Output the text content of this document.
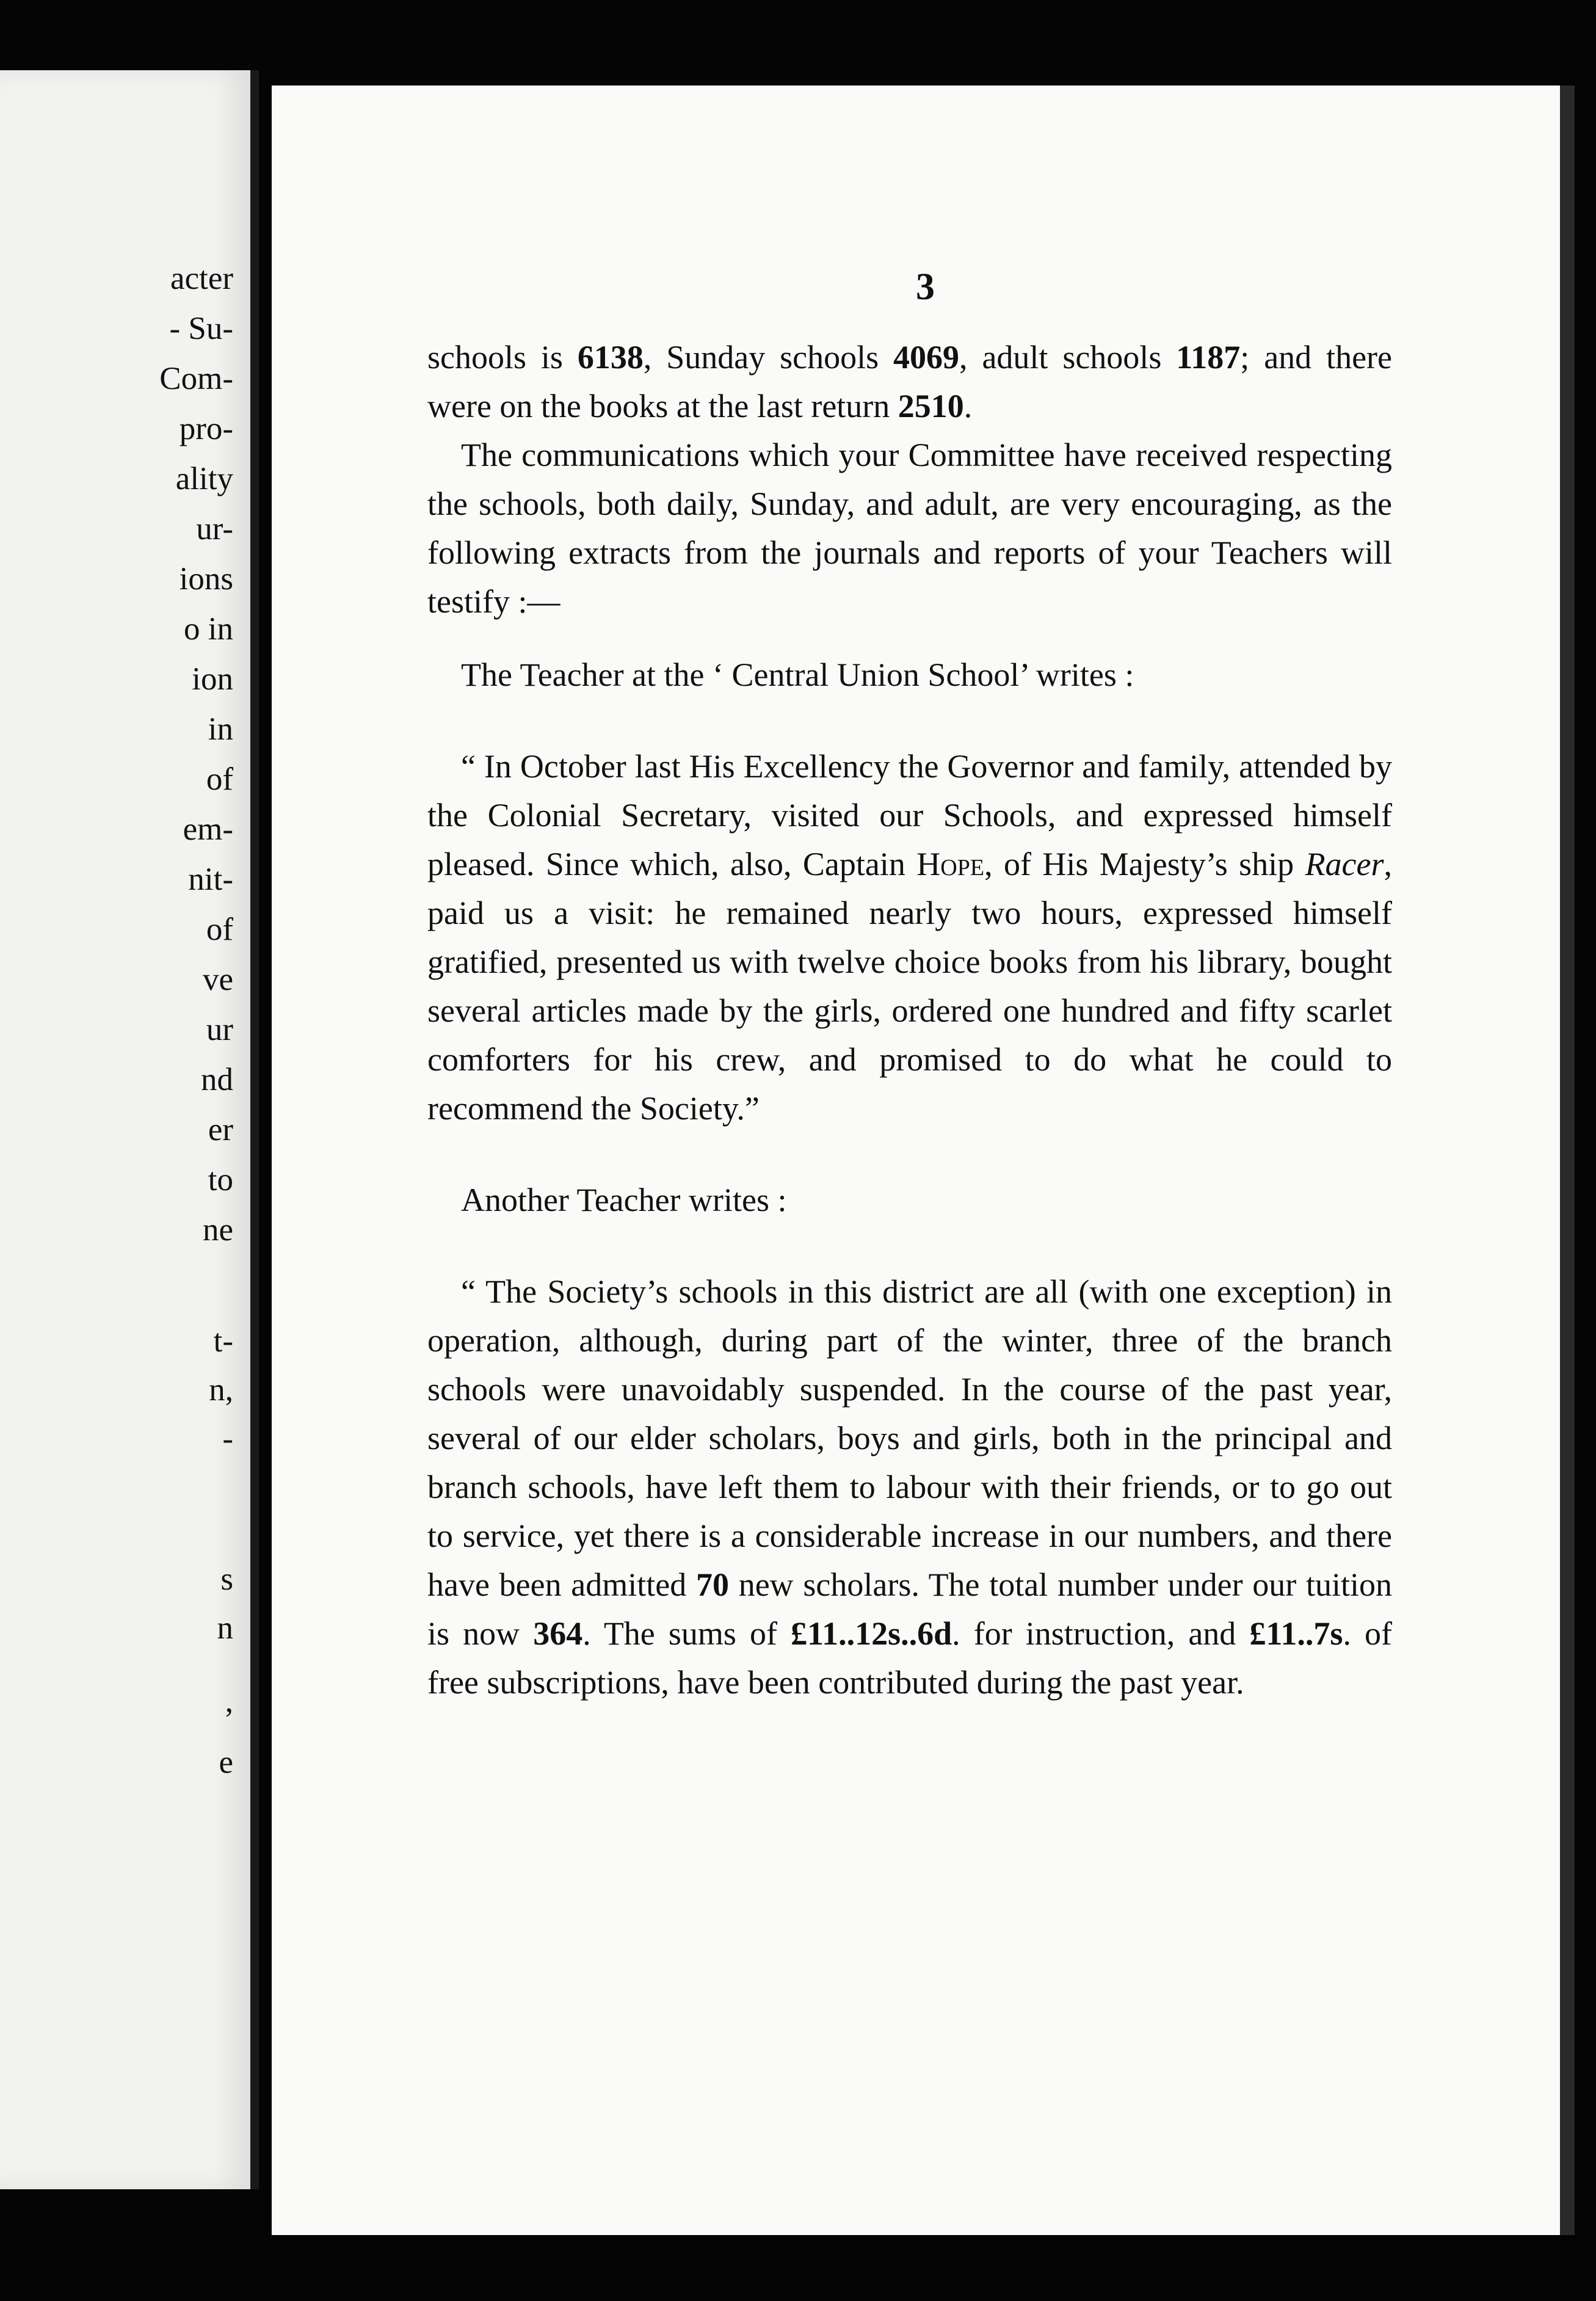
acter
- Su-
Com-
pro-
ality
ur-
ions
o in
ion
in
of
em-
nit-
of
ve
ur
nd
er
to
ne
t-
n,
-
s
n
,
e
3

schools is 6138, Sunday schools 4069, adult schools 1187; and there were on the books at the last return 2510.

The communications which your Committee have received respecting the schools, both daily, Sunday, and adult, are very encouraging, as the following extracts from the journals and reports of your Teachers will testify :—

The Teacher at the ‘ Central Union School’ writes :

“ In October last His Excellency the Governor and family, attended by the Colonial Secretary, visited our Schools, and expressed himself pleased. Since which, also, Captain Hope, of His Majesty’s ship Racer, paid us a visit: he remained nearly two hours, expressed himself gratified, presented us with twelve choice books from his library, bought several articles made by the girls, ordered one hundred and fifty scarlet comforters for his crew, and promised to do what he could to recommend the Society.”

Another Teacher writes :

“ The Society’s schools in this district are all (with one exception) in operation, although, during part of the winter, three of the branch schools were unavoidably suspended. In the course of the past year, several of our elder scholars, boys and girls, both in the principal and branch schools, have left them to labour with their friends, or to go out to service, yet there is a considerable increase in our numbers, and there have been admitted 70 new scholars. The total number under our tuition is now 364. The sums of £11..12s..6d. for instruction, and £11..7s. of free subscriptions, have been contributed during the past year.
